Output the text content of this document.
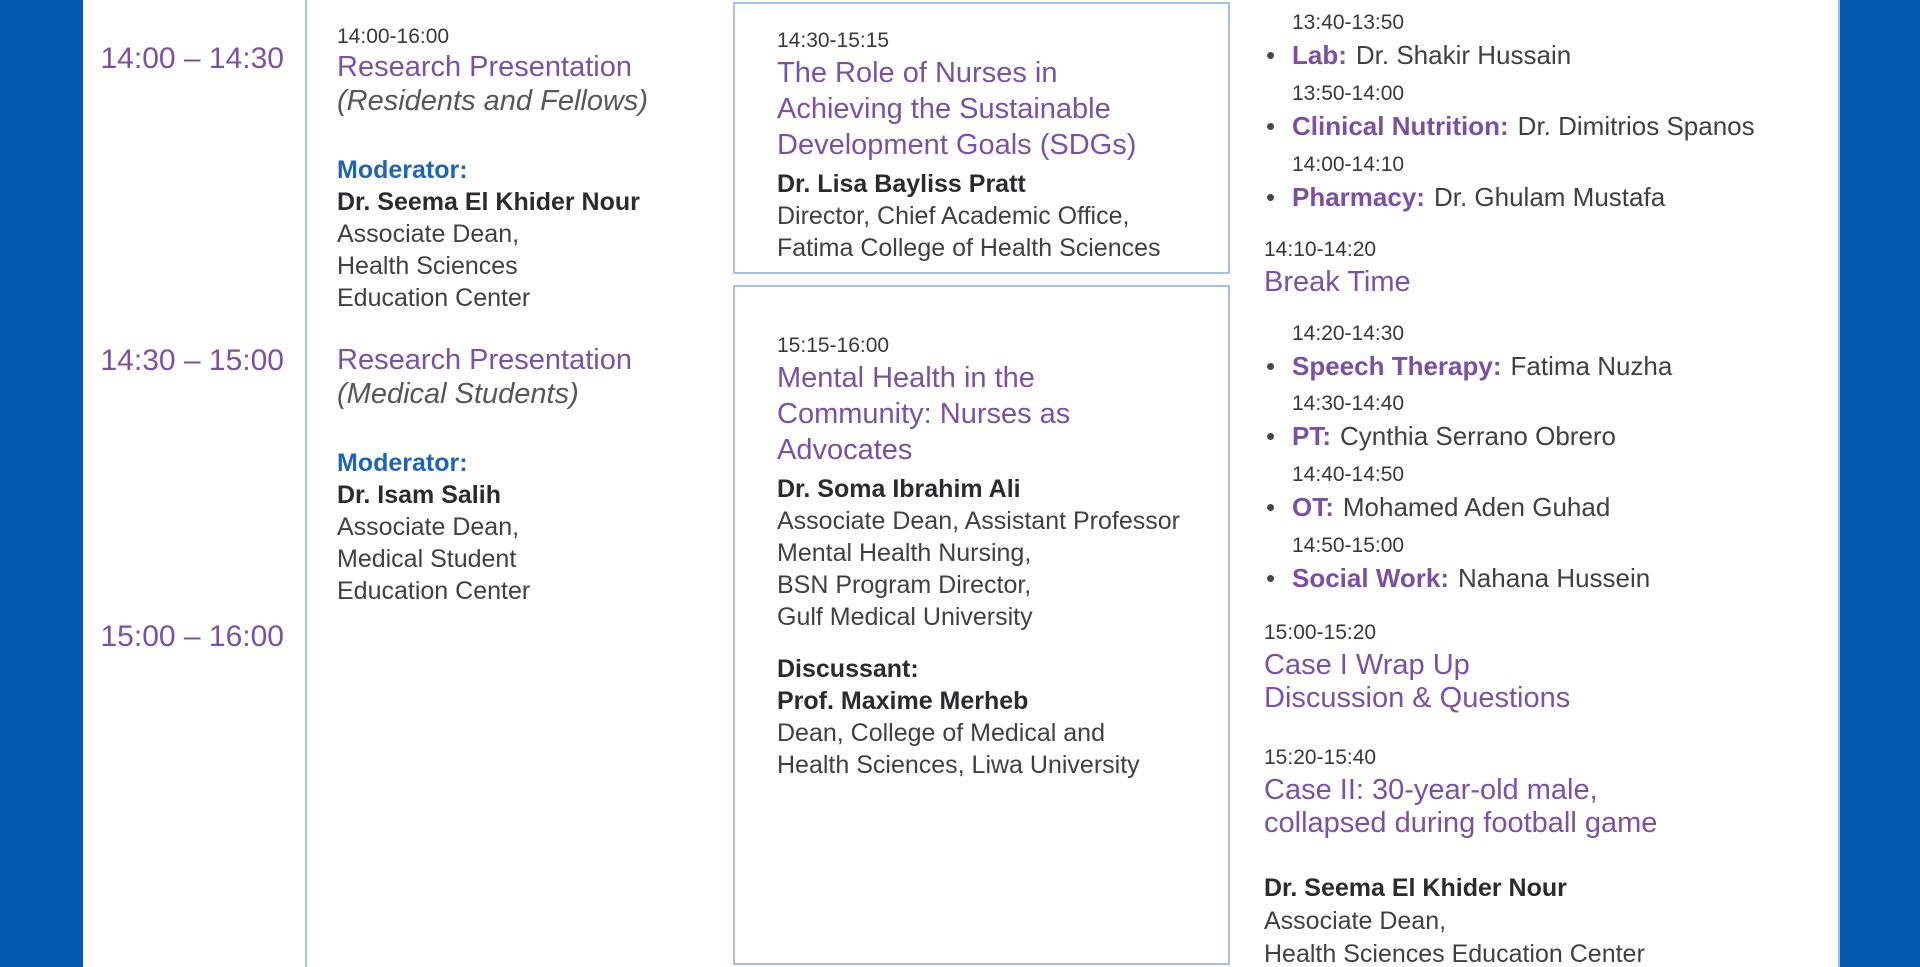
14:00 – 14:30
14:30 – 15:00
15:00 – 16:00
14:00-16:00
Research Presentation
(Residents and Fellows)
Moderator:
Dr. Seema El Khider Nour
Associate Dean,
Health Sciences
Education Center
Research Presentation
(Medical Students)
Moderator:
Dr. Isam Salih
Associate Dean,
Medical Student
Education Center
14:30-15:15
The Role of Nurses in
Achieving the Sustainable
Development Goals (SDGs)
Dr. Lisa Bayliss Pratt
Director, Chief Academic Office,
Fatima College of Health Sciences
15:15-16:00
Mental Health in the
Community: Nurses as
Advocates
Dr. Soma Ibrahim Ali
Associate Dean, Assistant Professor
Mental Health Nursing,
BSN Program Director,
Gulf Medical University
Discussant:
Prof. Maxime Merheb
Dean, College of Medical and
Health Sciences, Liwa University
13:40-13:50
• Lab: Dr. Shakir Hussain
13:50-14:00
• Clinical Nutrition: Dr. Dimitrios Spanos
14:00-14:10
• Pharmacy: Dr. Ghulam Mustafa
14:10-14:20
Break Time
14:20-14:30
• Speech Therapy: Fatima Nuzha
14:30-14:40
• PT: Cynthia Serrano Obrero
14:40-14:50
• OT: Mohamed Aden Guhad
14:50-15:00
• Social Work: Nahana Hussein
15:00-15:20
Case I Wrap Up
Discussion & Questions
15:20-15:40
Case II: 30-year-old male,
collapsed during football game
Dr. Seema El Khider Nour
Associate Dean,
Health Sciences Education Center
